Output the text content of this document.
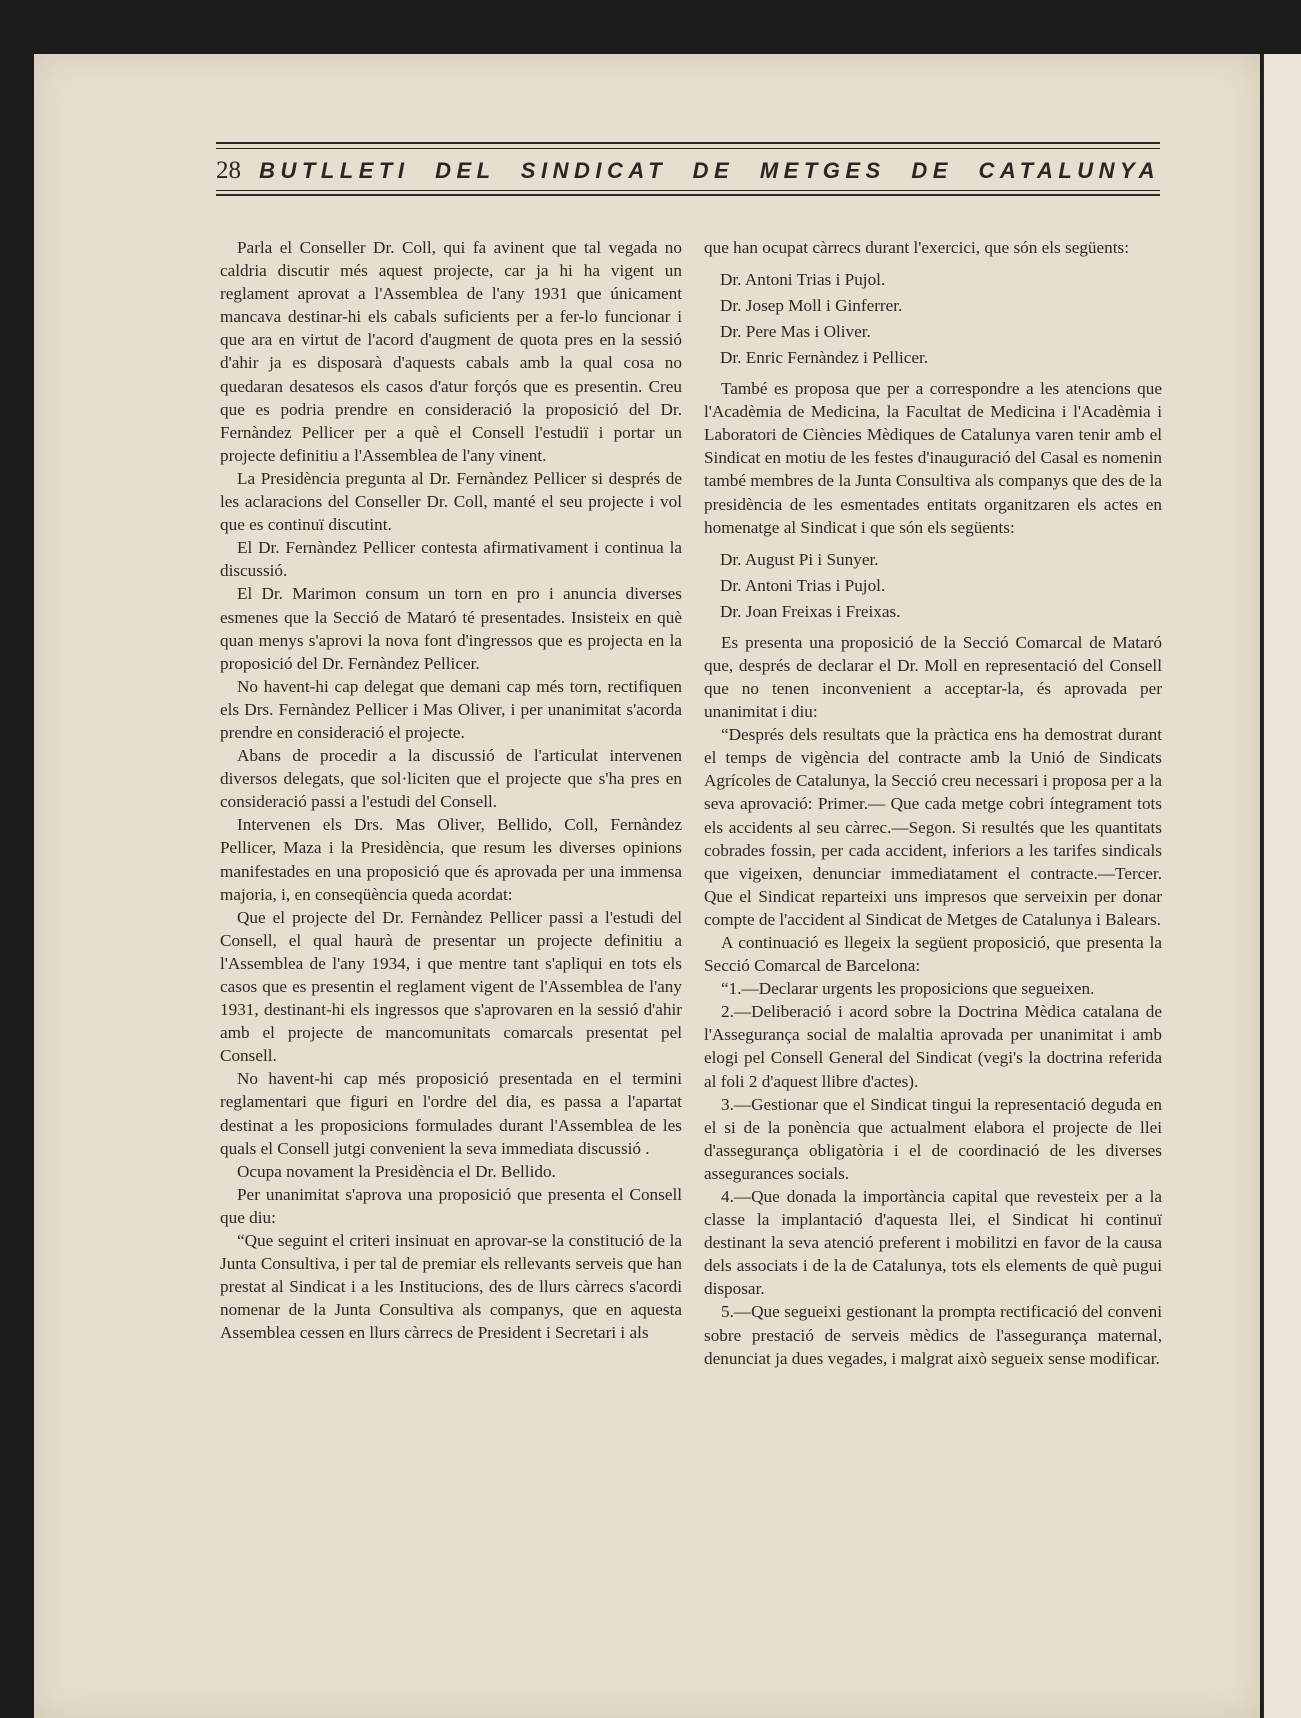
28 BUTLLETI DEL SINDICAT DE METGES DE CATALUNYA

Parla el Conseller Dr. Coll, qui fa avinent que tal vegada no caldria discutir més aquest projecte, car ja hi ha vigent un reglament aprovat a l'Assemblea de l'any 1931 que únicament mancava destinar-hi els cabals suficients per a fer-lo funcionar i que ara en virtut de l'acord d'augment de quota pres en la sessió d'ahir ja es disposarà d'aquests cabals amb la qual cosa no quedaran desatesos els casos d'atur forçós que es presentin. Creu que es podria prendre en consideració la proposició del Dr. Fernàndez Pellicer per a què el Consell l'estudiï i portar un projecte definitiu a l'Assemblea de l'any vinent.

La Presidència pregunta al Dr. Fernàndez Pellicer si després de les aclaracions del Conseller Dr. Coll, manté el seu projecte i vol que es continuï discutint.

El Dr. Fernàndez Pellicer contesta afirmativament i continua la discussió.

El Dr. Marimon consum un torn en pro i anuncia diverses esmenes que la Secció de Mataró té presentades. Insisteix en què quan menys s'aprovi la nova font d'ingressos que es projecta en la proposició del Dr. Fernàndez Pellicer.

No havent-hi cap delegat que demani cap més torn, rectifiquen els Drs. Fernàndez Pellicer i Mas Oliver, i per unanimitat s'acorda prendre en consideració el projecte.

Abans de procedir a la discussió de l'articulat intervenen diversos delegats, que sol·liciten que el projecte que s'ha pres en consideració passi a l'estudi del Consell.

Intervenen els Drs. Mas Oliver, Bellido, Coll, Fernàndez Pellicer, Maza i la Presidència, que resum les diverses opinions manifestades en una proposició que és aprovada per una immensa majoria, i, en conseqüència queda acordat:

Que el projecte del Dr. Fernàndez Pellicer passi a l'estudi del Consell, el qual haurà de presentar un projecte definitiu a l'Assemblea de l'any 1934, i que mentre tant s'apliqui en tots els casos que es presentin el reglament vigent de l'Assemblea de l'any 1931, destinant-hi els ingressos que s'aprovaren en la sessió d'ahir amb el projecte de mancomunitats comarcals presentat pel Consell.

No havent-hi cap més proposició presentada en el termini reglamentari que figuri en l'ordre del dia, es passa a l'apartat destinat a les proposicions formulades durant l'Assemblea de les quals el Consell jutgi convenient la seva immediata discussió .

Ocupa novament la Presidència el Dr. Bellido.

Per unanimitat s'aprova una proposició que presenta el Consell que diu:

“Que seguint el criteri insinuat en aprovar-se la constitució de la Junta Consultiva, i per tal de premiar els rellevants serveis que han prestat al Sindicat i a les Institucions, des de llurs càrrecs s'acordi nomenar de la Junta Consultiva als companys, que en aquesta Assemblea cessen en llurs càrrecs de President i Secretari i als

que han ocupat càrrecs durant l'exercici, que són els següents:

Dr. Antoni Trias i Pujol.

Dr. Josep Moll i Ginferrer.

Dr. Pere Mas i Oliver.

Dr. Enric Fernàndez i Pellicer.

També es proposa que per a correspondre a les atencions que l'Acadèmia de Medicina, la Facultat de Medicina i l'Acadèmia i Laboratori de Ciències Mèdiques de Catalunya varen tenir amb el Sindicat en motiu de les festes d'inauguració del Casal es nomenin també membres de la Junta Consultiva als companys que des de la presidència de les esmentades entitats organitzaren els actes en homenatge al Sindicat i que són els següents:

Dr. August Pi i Sunyer.

Dr. Antoni Trias i Pujol.

Dr. Joan Freixas i Freixas.

Es presenta una proposició de la Secció Comarcal de Mataró que, després de declarar el Dr. Moll en representació del Consell que no tenen inconvenient a acceptar-la, és aprovada per unanimitat i diu:

“Després dels resultats que la pràctica ens ha demostrat durant el temps de vigència del contracte amb la Unió de Sindicats Agrícoles de Catalunya, la Secció creu necessari i proposa per a la seva aprovació: Primer.— Que cada metge cobri íntegrament tots els accidents al seu càrrec.—Segon. Si resultés que les quantitats cobrades fossin, per cada accident, inferiors a les tarifes sindicals que vigeixen, denunciar immediatament el contracte.—Tercer. Que el Sindicat reparteixi uns impresos que serveixin per donar compte de l'accident al Sindicat de Metges de Catalunya i Balears.

A continuació es llegeix la següent proposició, que presenta la Secció Comarcal de Barcelona:

“1.—Declarar urgents les proposicions que segueixen.

2.—Deliberació i acord sobre la Doctrina Mèdica catalana de l'Assegurança social de malaltia aprovada per unanimitat i amb elogi pel Consell General del Sindicat (vegi's la doctrina referida al foli 2 d'aquest llibre d'actes).

3.—Gestionar que el Sindicat tingui la representació deguda en el si de la ponència que actualment elabora el projecte de llei d'assegurança obligatòria i el de coordinació de les diverses assegurances socials.

4.—Que donada la importància capital que revesteix per a la classe la implantació d'aquesta llei, el Sindicat hi continuï destinant la seva atenció preferent i mobilitzi en favor de la causa dels associats i de la de Catalunya, tots els elements de què pugui disposar.

5.—Que segueixi gestionant la prompta rectificació del conveni sobre prestació de serveis mèdics de l'assegurança maternal, denunciat ja dues vegades, i malgrat això segueix sense modificar.
